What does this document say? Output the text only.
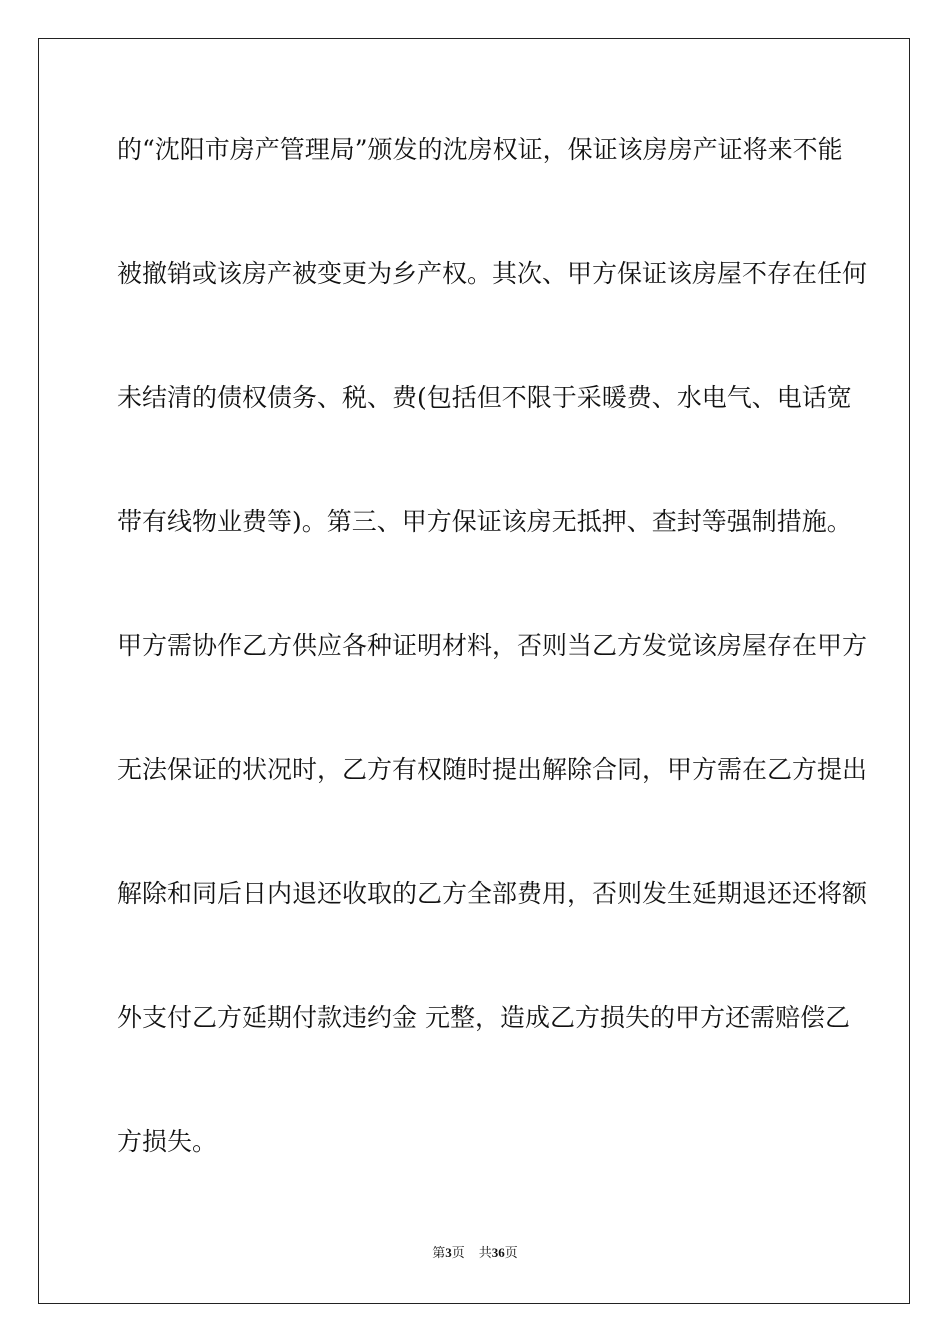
的“沈阳市房产管理局”颁发的沈房权证，保证该房房产证将来不能
被撤销或该房产被变更为乡产权。其次、甲方保证该房屋不存在任何
未结清的债权债务、税、费(包括但不限于采暖费、水电气、电话宽
带有线物业费等)。第三、甲方保证该房无抵押、查封等强制措施。
甲方需协作乙方供应各种证明材料，否则当乙方发觉该房屋存在甲方
无法保证的状况时，乙方有权随时提出解除合同，甲方需在乙方提出
解除和同后日内退还收取的乙方全部费用，否则发生延期退还还将额
外支付乙方延期付款违约金 元整，造成乙方损失的甲方还需赔偿乙
方损失。
第3页 共36页
